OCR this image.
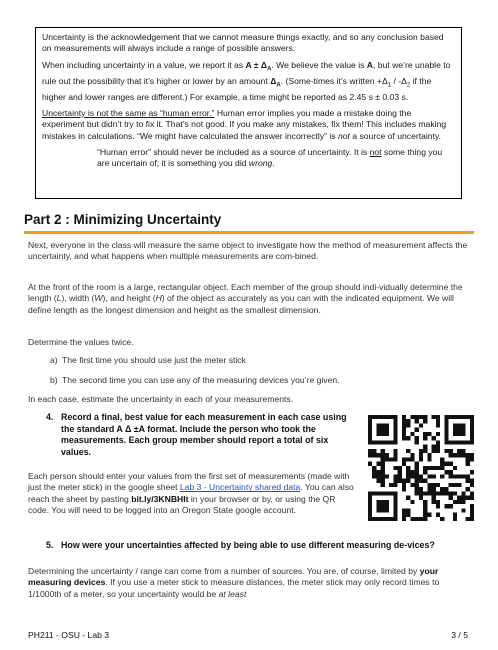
Uncertainty is the acknowledgement that we cannot measure things exactly, and so any conclusion based on measurements will always include a range of possible answers.

When including uncertainty in a value, we report it as $A \pm \Delta_A$. We believe the value is A, but we’re unable to rule out the possibility that it’s higher or lower by an amount $\Delta_A$. (Some-times it’s written $+\Delta_1 / -\Delta_2$ if the higher and lower ranges are different.) For example, a time might be reported as 2.45 s ± 0.03 s.

Uncertainty is not the same as “human error.” Human error implies you made a mistake doing the experiment but didn’t try to fix it. That’s not good. If you make any mistakes, fix them! This includes making mistakes in calculations. “We might have calculated the answer incorrectly” is not a source of uncertainty.

“Human error” should never be included as a source of uncertainty. It is not some thing you are uncertain of; it is something you did wrong.

Part 2 : Minimizing Uncertainty

Next, everyone in the class will measure the same object to investigate how the method of measurement affects the uncertainty, and what happens when multiple measurements are com-bined.

At the front of the room is a large, rectangular object. Each member of the group should indi-vidually determine the length (L), width (W), and height (H) of the object as accurately as you can with the indicated equipment. We will define length as the longest dimension and height as the smallest dimension.

Determine the values twice.

a) The first time you should use just the meter stick
b) The second time you can use any of the measuring devices you’re given.

In each case, estimate the uncertainty in each of your measurements.

4. Record a final, best value for each measurement in each case using the standard A Δ ±A format. Include the person who took the measurements. Each group member should report a total of six values.

Each person should enter your values from the first set of measurements (made with just the meter stick) in the google sheet Lab 3 - Uncertainty shared data. You can also reach the sheet by pasting bit.ly/3KNBHIt in your browser or by, or using the QR code. You will need to be logged into an Oregon State google account.

5. How were your uncertainties affected by being able to use different measuring de-vices?

Determining the uncertainty / range can come from a number of sources. You are, of course, limited by your measuring devices. If you use a meter stick to measure distances, the meter stick may only record times to 1/1000th of a meter, so your uncertainty would be at least

PH211 - OSU - Lab 3	3 / 5
